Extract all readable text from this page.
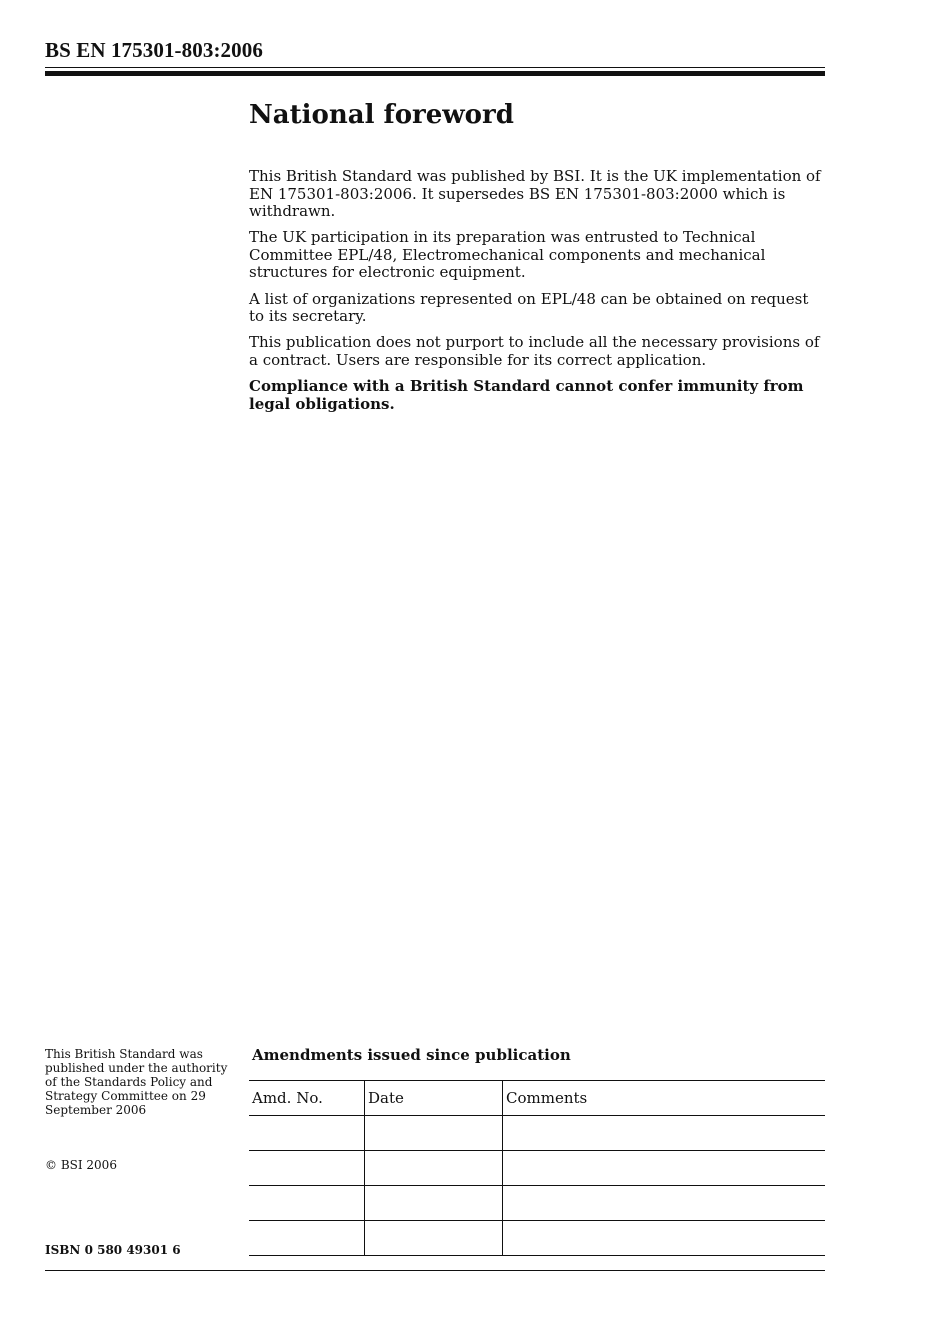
BS EN 175301-803:2006
National foreword

This British Standard was published by BSI. It is the UK implementation of EN 175301-803:2006. It supersedes BS EN 175301-803:2000 which is withdrawn.

The UK participation in its preparation was entrusted to Technical Committee EPL/48, Electromechanical components and mechanical structures for electronic equipment.

A list of organizations represented on EPL/48 can be obtained on request to its secretary.

This publication does not purport to include all the necessary provisions of a contract. Users are responsible for its correct application.

Compliance with a British Standard cannot confer immunity from legal obligations.

This British Standard was published under the authority of the Standards Policy and Strategy Committee on 29 September 2006
© BSI 2006
ISBN 0 580 49301 6
Amendments issued since publication
Amd. No.	Date	Comments
